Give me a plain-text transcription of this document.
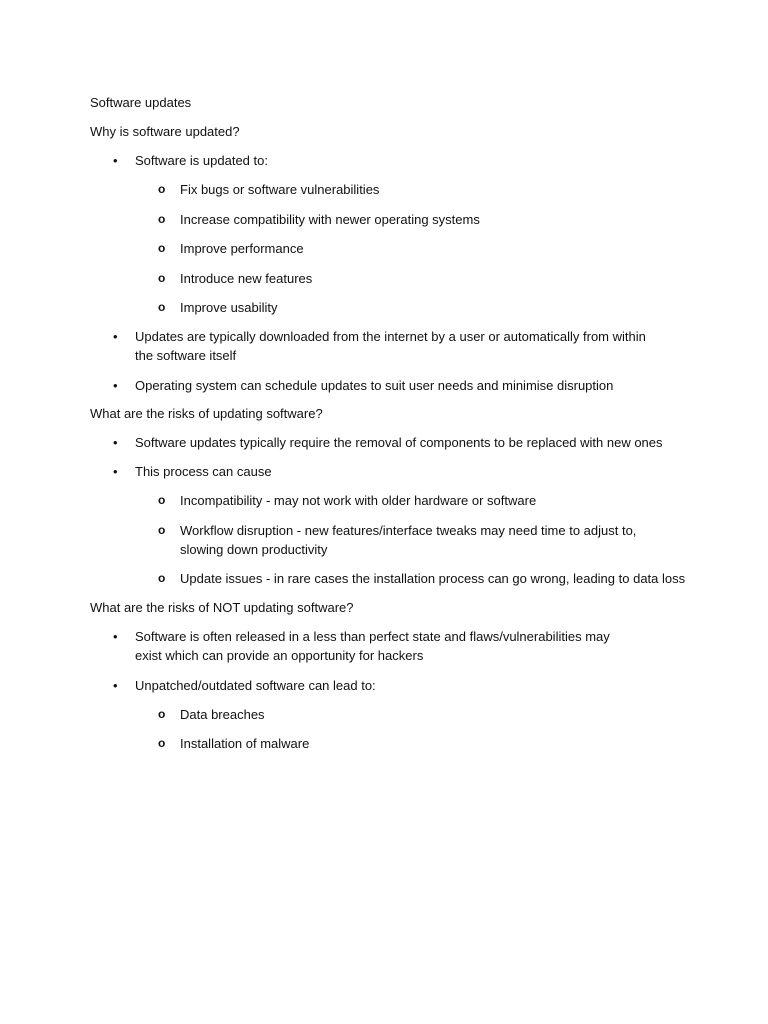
Software updates
Why is software updated?
•	Software is updated to:
o Fix bugs or software vulnerabilities
o Increase compatibility with newer operating systems
o Improve performance
o Introduce new features
o Improve usability
•	Updates are typically downloaded from the internet by a user or automatically from within
the software itself
•	Operating system can schedule updates to suit user needs and minimise disruption
What are the risks of updating software?
•	Software updates typically require the removal of components to be replaced with new ones
•	This process can cause
o Incompatibility - may not work with older hardware or software
o Workflow disruption - new features/interface tweaks may need time to adjust to,
slowing down productivity
o Update issues - in rare cases the installation process can go wrong, leading to data loss
What are the risks of NOT updating software?
•	Software is often released in a less than perfect state and flaws/vulnerabilities may
exist which can provide an opportunity for hackers
•	Unpatched/outdated software can lead to:
o Data breaches
o Installation of malware
